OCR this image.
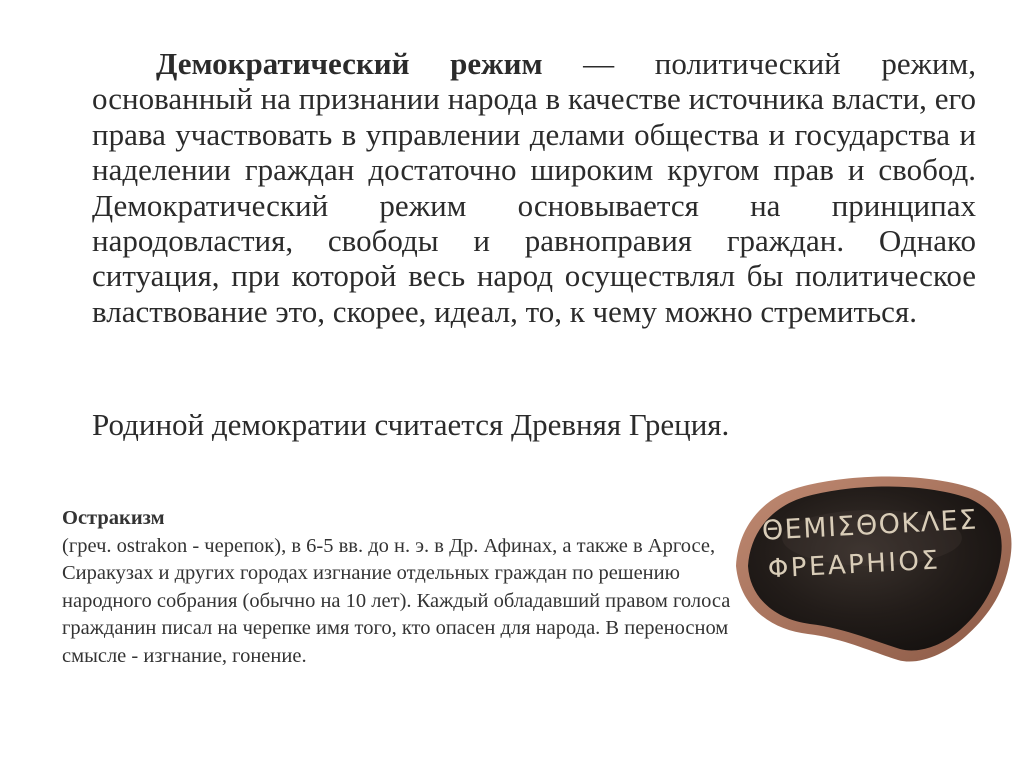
Демократический режим — политический режим, основанный на признании народа в качестве источника власти, его права участвовать в управлении делами общества и государства и наделении граждан достаточно широким кругом прав и свобод. Демократический режим основывается на принципах народовластия, свободы и равноправия граждан. Однако ситуация, при которой весь народ осуществлял бы политическое властвование это, скорее, идеал, то, к чему можно стремиться.

Родиной демократии считается Древняя Греция.

Остракизм
(греч. ostrakon - черепок), в 6-5 вв. до н. э. в Др. Афинах, а также в Аргосе, Сиракузах и других городах изгнание отдельных граждан по решению народного собрания (обычно на 10 лет). Каждый обладавший правом голоса гражданин писал на черепке имя того, кто опасен для народа. В переносном смысле - изгнание, гонение.
ΘΕΜΙΣΘΟΚΛΕΣ
ΦΡΕΑΡΗΙΟΣ
